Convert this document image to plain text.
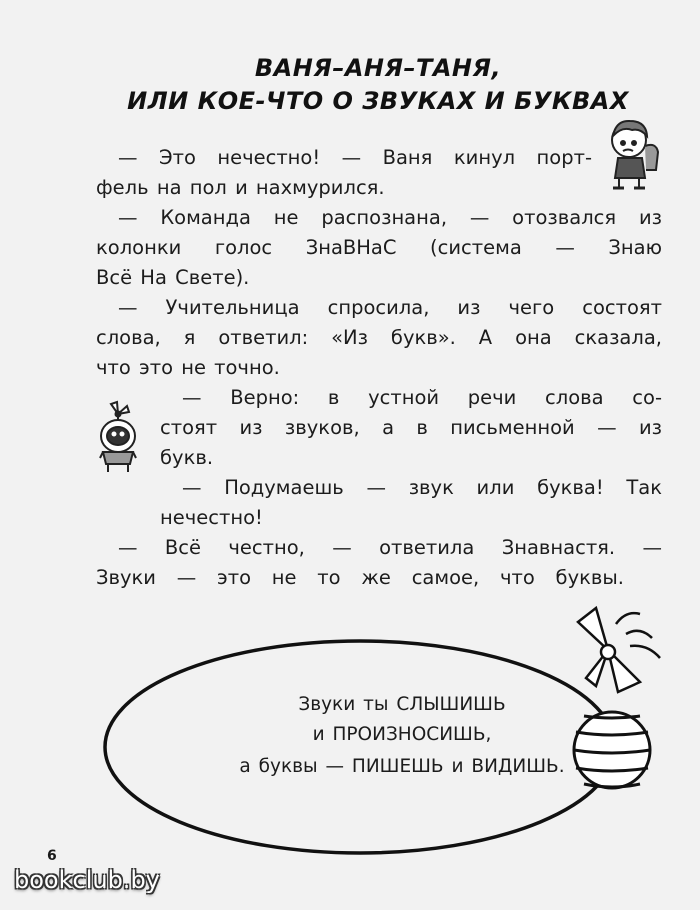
ВАНЯ–АНЯ–ТАНЯ,
ИЛИ КОЕ-ЧТО О ЗВУКАХ И БУКВАХ
— Это нечестно! — Ваня кинул порт-
фель на пол и нахмурился.
— Команда не распознана, — отозвался из
колонки голос ЗнаВНаС (система — Знаю
Всё На Свете).
— Учительница спросила, из чего состоят
слова, я ответил: «Из букв». А она сказала,
что это не точно.
— Верно: в устной речи слова со-
стоят из звуков, а в письменной — из
букв.
— Подумаешь — звук или буква! Так
нечестно!
— Всё честно, — ответила Знавнастя. —
Звуки — это не то же самое, что буквы.
Звуки ты СЛЫШИШЬ
и ПРОИЗНОСИШЬ,
а буквы — ПИШЕШЬ и ВИДИШЬ.
6
bookclub.by
